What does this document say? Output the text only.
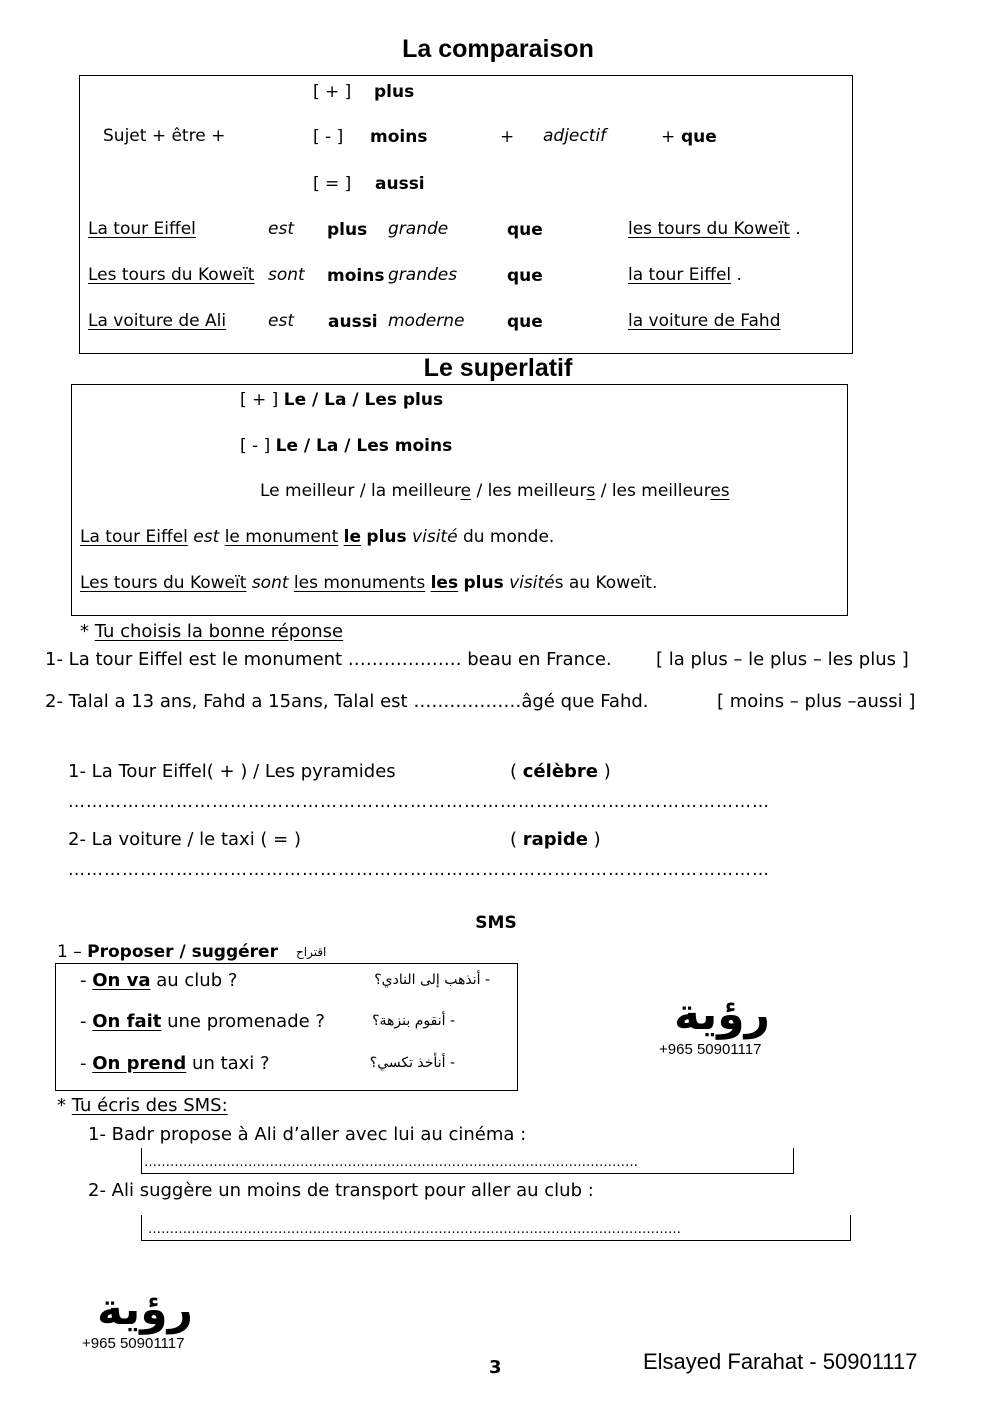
La comparaison
[ + ] plus
Sujet + être +	[ - ] moins	+ adjectif	+ que
[ = ] aussi
La tour Eiffel	est plus grande	que	les tours du Koweït .
Les tours du Koweït sont moins grandes	que	la tour Eiffel .
La voiture de Ali est aussi moderne	que	la voiture de Fahd
Le superlatif
[ + ] Le / La / Les plus
[ - ] Le / La / Les moins
Le meilleur / la meilleure / les meilleurs / les meilleures
La tour Eiffel est le monument le plus visité du monde.
Les tours du Koweït sont les monuments les plus visités au Koweït.
* Tu choisis la bonne réponse
1- La tour Eiffel est le monument ………………. beau en France. [ la plus – le plus – les plus ]
2- Talal a 13 ans, Fahd a 15ans, Talal est ………………âgé que Fahd.	[ moins – plus –aussi ]
1- La Tour Eiffel( + ) / Les pyramides	( célèbre )
………………………………………………………………………………………………………
2- La voiture / le taxi ( = )	( rapide )
………………………………………………………………………………………………………
SMS
1 – Proposer / suggérer اقتراح
- On va au club ?	- أنذهب إلى النادي؟
- On fait une promenade ?	- أنقوم بنزهة؟
- On prend un taxi ?	- أنأخذ تكسي؟
رؤية
+965 50901117
* Tu écris des SMS:
1- Badr propose à Ali d’aller avec lui au cinéma :
……………………………………………………………………………………………………
2- Ali suggère un moins de transport pour aller au club :
……………………………………………………………………………………………………………
رؤية
+965 50901117
3	Elsayed Farahat - 50901117
